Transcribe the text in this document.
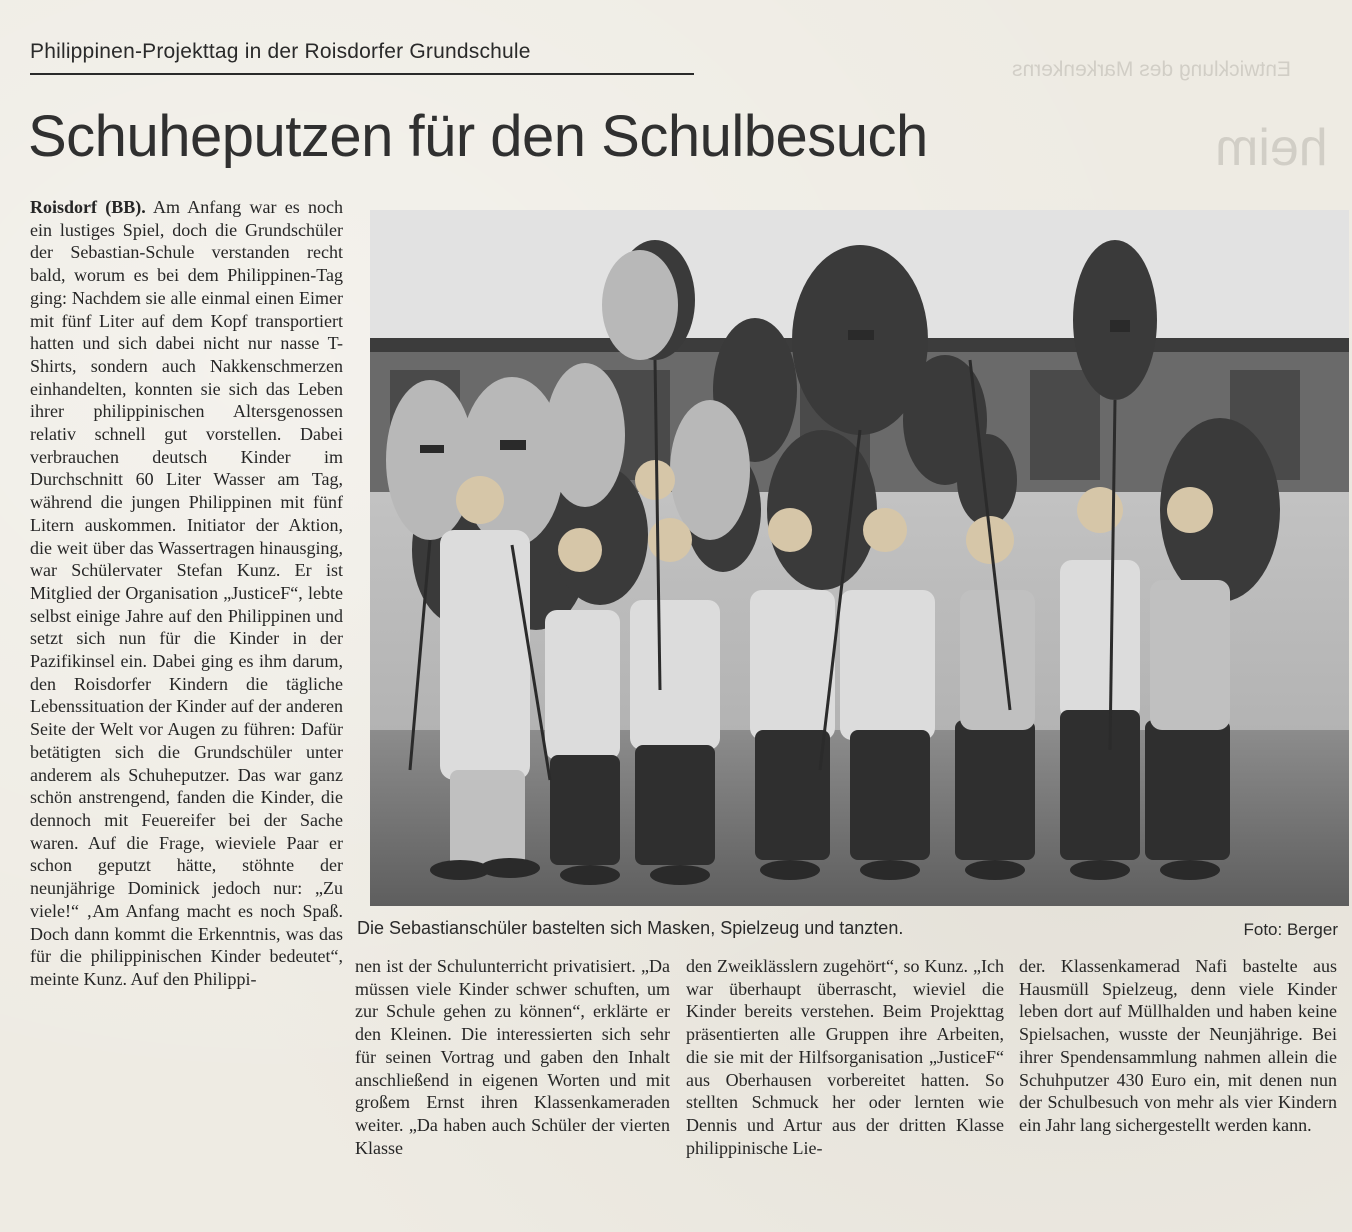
Entwicklung des Markenkerns
heim
Philippinen-Projekttag in der Roisdorfer Grundschule
Schuheputzen für den Schulbesuch

Roisdorf (BB). Am Anfang war es noch ein lustiges Spiel, doch die Grundschüler der Sebastian-Schule verstanden recht bald, worum es bei dem Philippinen-Tag ging: Nachdem sie alle einmal einen Eimer mit fünf Liter auf dem Kopf transportiert hatten und sich dabei nicht nur nasse T-Shirts, sondern auch Nakkenschmerzen einhandelten, konnten sie sich das Leben ihrer philippinischen Altersgenossen relativ schnell gut vorstellen. Dabei verbrauchen deutsch Kinder im Durchschnitt 60 Liter Wasser am Tag, während die jungen Philippinen mit fünf Litern auskommen. Initiator der Aktion, die weit über das Wassertragen hinausging, war Schülervater Stefan Kunz. Er ist Mitglied der Organisation „JusticeF“, lebte selbst einige Jahre auf den Philippinen und setzt sich nun für die Kinder in der Pazifikinsel ein. Dabei ging es ihm darum, den Roisdorfer Kindern die tägliche Lebenssituation der Kinder auf der anderen Seite der Welt vor Augen zu führen: Dafür betätigten sich die Grundschüler unter anderem als Schuheputzer. Das war ganz schön anstrengend, fanden die Kinder, die dennoch mit Feuereifer bei der Sache waren. Auf die Frage, wieviele Paar er schon geputzt hätte, stöhnte der neunjährige Dominick jedoch nur: „Zu viele!“ ‚Am Anfang macht es noch Spaß. Doch dann kommt die Erkenntnis, was das für die philippinischen Kinder bedeutet“, meinte Kunz. Auf den Philippi-

Die Sebastianschüler bastelten sich Masken, Spielzeug und tanzten.	Foto: Berger

nen ist der Schulunterricht privatisiert. „Da müssen viele Kinder schwer schuften, um zur Schule gehen zu können“, erklärte er den Kleinen. Die interessierten sich sehr für seinen Vortrag und gaben den Inhalt anschließend in eigenen Worten und mit großem Ernst ihren Klassenkameraden weiter. „Da haben auch Schüler der vierten Klasse

den Zweiklässlern zugehört“, so Kunz. „Ich war überhaupt überrascht, wieviel die Kinder bereits verstehen. Beim Projekttag präsentierten alle Gruppen ihre Arbeiten, die sie mit der Hilfsorganisation „JusticeF“ aus Oberhausen vorbereitet hatten. So stellten Schmuck her oder lernten wie Dennis und Artur aus der dritten Klasse philippinische Lie-

der. Klassenkamerad Nafi bastelte aus Hausmüll Spielzeug, denn viele Kinder leben dort auf Müllhalden und haben keine Spielsachen, wusste der Neunjährige. Bei ihrer Spendensammlung nahmen allein die Schuhputzer 430 Euro ein, mit denen nun der Schulbesuch von mehr als vier Kindern ein Jahr lang sichergestellt werden kann.
